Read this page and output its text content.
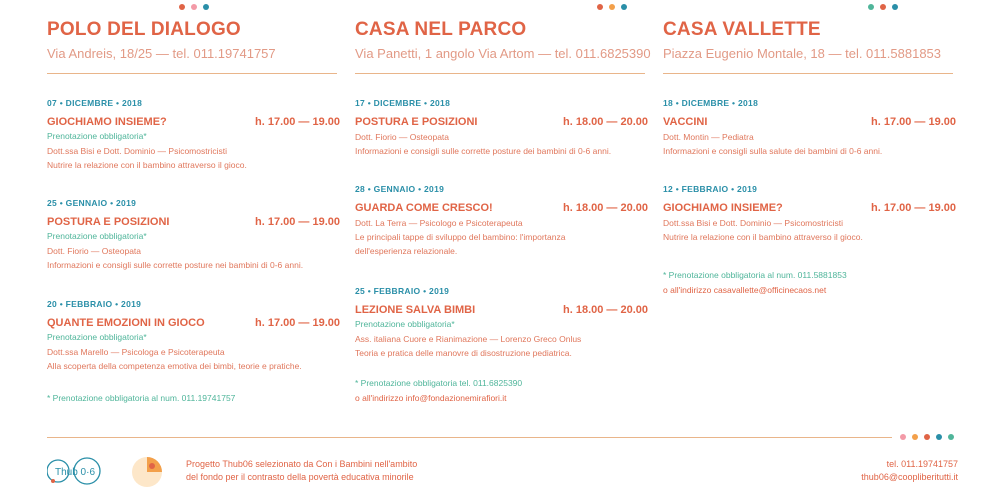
POLO DEL DIALOGO
Via Andreis, 18/25 — tel. 011.19741757
07 • DICEMBRE • 2018
GIOCHIAMO INSIEME?	h. 17.00 — 19.00
Prenotazione obbligatoria*
Dott.ssa Bisi e Dott. Dominio — Psicomostricisti
Nutrire la relazione con il bambino attraverso il gioco.
25 • GENNAIO • 2019
POSTURA E POSIZIONI	h. 17.00 — 19.00
Prenotazione obbligatoria*
Dott. Fiorio — Osteopata
Informazioni e consigli sulle corrette posture nei bambini di 0-6 anni.
20 • FEBBRAIO • 2019
QUANTE EMOZIONI IN GIOCO	h. 17.00 — 19.00
Prenotazione obbligatoria*
Dott.ssa Marello — Psicologa e Psicoterapeuta
Alla scoperta della competenza emotiva dei bimbi, teorie e pratiche.
* Prenotazione obbligatoria al num. 011.19741757
CASA NEL PARCO
Via Panetti, 1 angolo Via Artom — tel. 011.6825390
17 • DICEMBRE • 2018
POSTURA E POSIZIONI	h. 18.00 — 20.00
Dott. Fiorio — Osteopata
Informazioni e consigli sulle corrette posture dei bambini di 0-6 anni.
28 • GENNAIO • 2019
GUARDA COME CRESCO!	h. 18.00 — 20.00
Dott. La Terra — Psicologo e Psicoterapeuta
Le principali tappe di sviluppo del bambino: l'importanza
dell'esperienza relazionale.
25 • FEBBRAIO • 2019
LEZIONE SALVA BIMBI	h. 18.00 — 20.00
Prenotazione obbligatoria*
Ass. italiana Cuore e Rianimazione — Lorenzo Greco Onlus
Teoria e pratica delle manovre di disostruzione pediatrica.
* Prenotazione obbligatoria tel. 011.6825390
o all'indirizzo info@fondazionemirafiori.it
CASA VALLETTE
Piazza Eugenio Montale, 18 — tel. 011.5881853
18 • DICEMBRE • 2018
VACCINI	h. 17.00 — 19.00
Dott. Montin — Pediatra
Informazioni e consigli sulla salute dei bambini di 0-6 anni.
12 • FEBBRAIO • 2019
GIOCHIAMO INSIEME?	h. 17.00 — 19.00
Dott.ssa Bisi e Dott. Dominio — Psicomostricisti
Nutrire la relazione con il bambino attraverso il gioco.
* Prenotazione obbligatoria al num. 011.5881853
o all'indirizzo casavallette@officinecaos.net
Thub 0·6
Progetto Thub06 selezionato da Con i Bambini nell'ambito
del fondo per il contrasto della povertà educativa minorile
tel. 011.19741757
thub06@coopliberitutti.it
